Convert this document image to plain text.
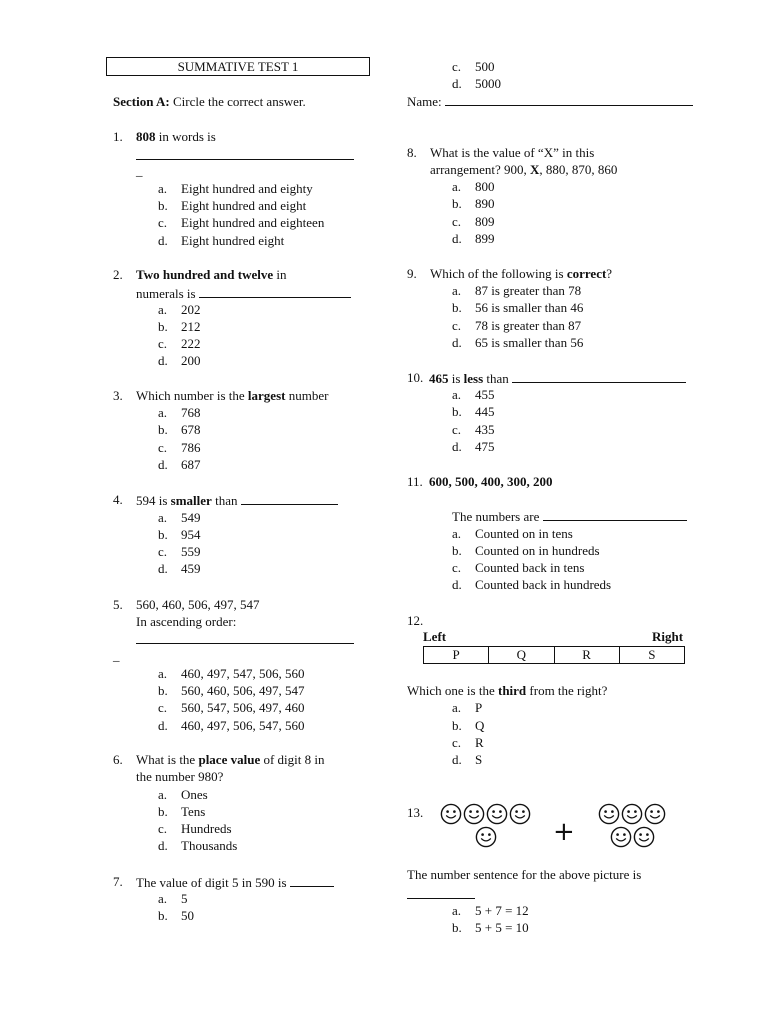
SUMMATIVE TEST 1
Section A: Circle the correct answer.
1. 808 in words is
_
a. Eight hundred and eighty
b. Eight hundred and eight
c. Eight hundred and eighteen
d. Eight hundred eight
2. Two hundred and twelve in
numerals is
a. 202
b. 212
c. 222
d. 200
3. Which number is the largest number
a. 768
b. 678
c. 786
d. 687
4. 594 is smaller than
a. 549
b. 954
c. 559
d. 459
5. 560, 460, 506, 497, 547
In ascending order:
_
a. 460, 497, 547, 506, 560
b. 560, 460, 506, 497, 547
c. 560, 547, 506, 497, 460
d. 460, 497, 506, 547, 560
6. What is the place value of digit 8 in
the number 980?
a. Ones
b. Tens
c. Hundreds
d. Thousands
7. The value of digit 5 in 590 is
a. 5
b. 50
c. 500
d. 5000
Name:
8. What is the value of “X” in this
arrangement? 900, X, 880, 870, 860
a. 800
b. 890
c. 809
d. 899
9. Which of the following is correct?
a. 87 is greater than 78
b. 56 is smaller than 46
c. 78 is greater than 87
d. 65 is smaller than 56
10. 465 is less than
a. 455
b. 445
c. 435
d. 475
11. 600, 500, 400, 300, 200
The numbers are
a. Counted on in tens
b. Counted on in hundreds
c. Counted back in tens
d. Counted back in hundreds
12.
Left	Right
P	Q	R	S
Which one is the third from the right?
a. P
b. Q
c. R
d. S
13.
+
The number sentence for the above picture is
a. 5 + 7 = 12
b. 5 + 5 = 10
